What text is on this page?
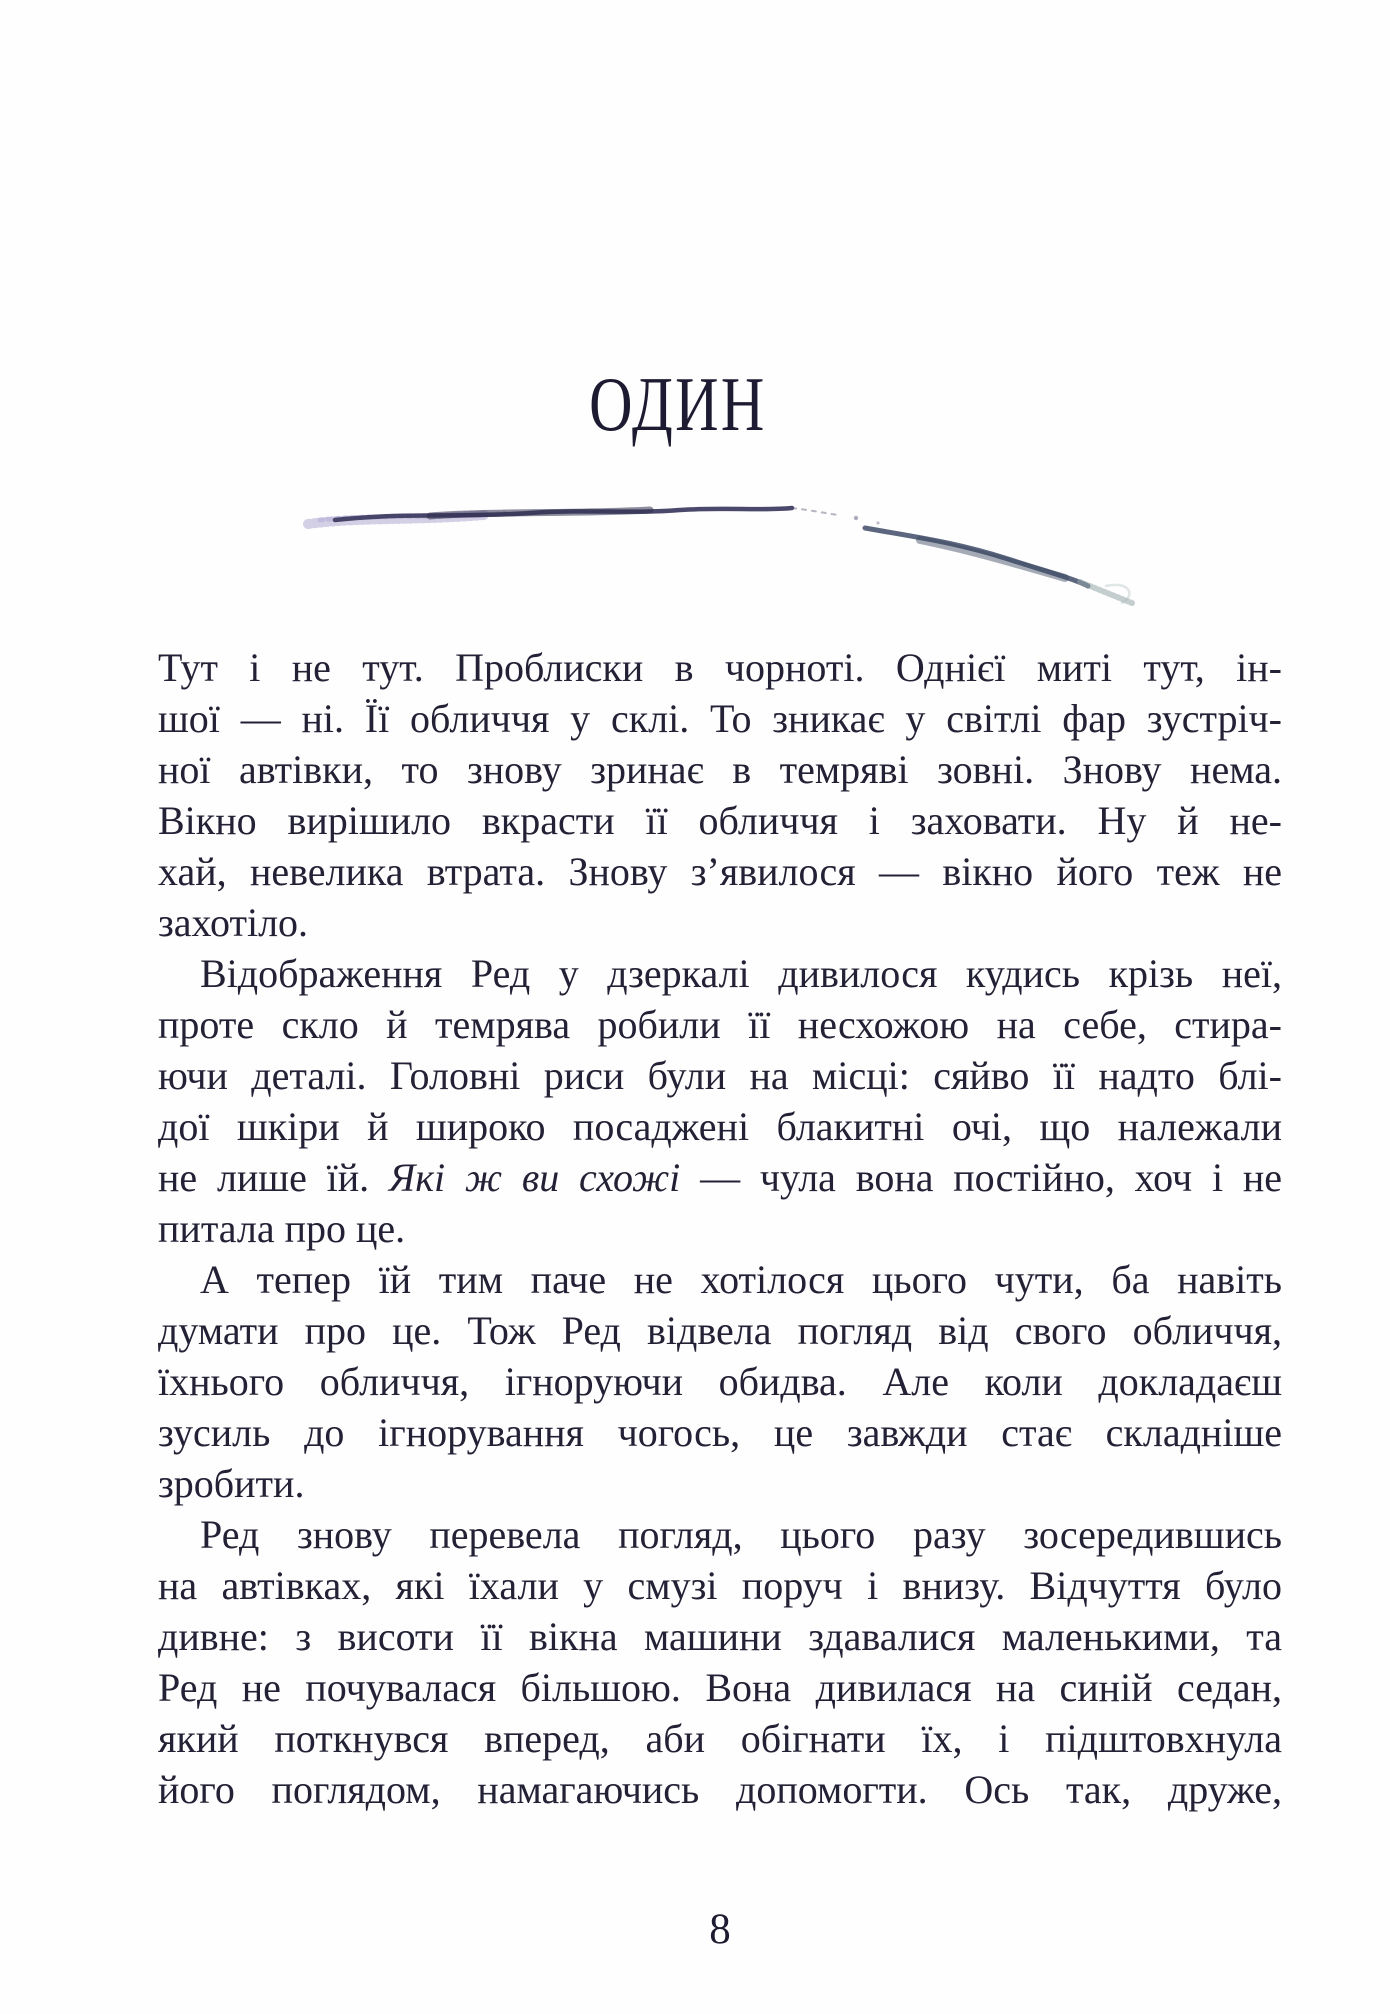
ОДИН
Тут і не тут. Проблиски в чорноті. Однієї миті тут, ін-
шої — ні. Її обличчя у склі. То зникає у світлі фар зустріч-
ної автівки, то знову зринає в темряві зовні. Знову нема.
Вікно вирішило вкрасти її обличчя і заховати. Ну й не-
хай, невелика втрата. Знову з’явилося — вікно його теж не
захотіло.
Відображення Ред у дзеркалі дивилося кудись крізь неї,
проте скло й темрява робили її несхожою на себе, стира-
ючи деталі. Головні риси були на місці: сяйво її надто блі-
дої шкіри й широко посаджені блакитні очі, що належали
не лише їй. Які ж ви схожі — чула вона постійно, хоч і не
питала про це.
А тепер їй тим паче не хотілося цього чути, ба навіть
думати про це. Тож Ред відвела погляд від свого обличчя,
їхнього обличчя, ігноруючи обидва. Але коли докладаєш
зусиль до ігнорування чогось, це завжди стає складніше
зробити.
Ред знову перевела погляд, цього разу зосередившись
на автівках, які їхали у смузі поруч і внизу. Відчуття було
дивне: з висоти її вікна машини здавалися маленькими, та
Ред не почувалася більшою. Вона дивилася на синій седан,
який поткнувся вперед, аби обігнати їх, і підштовхнула
його поглядом, намагаючись допомогти. Ось так, друже,
8
